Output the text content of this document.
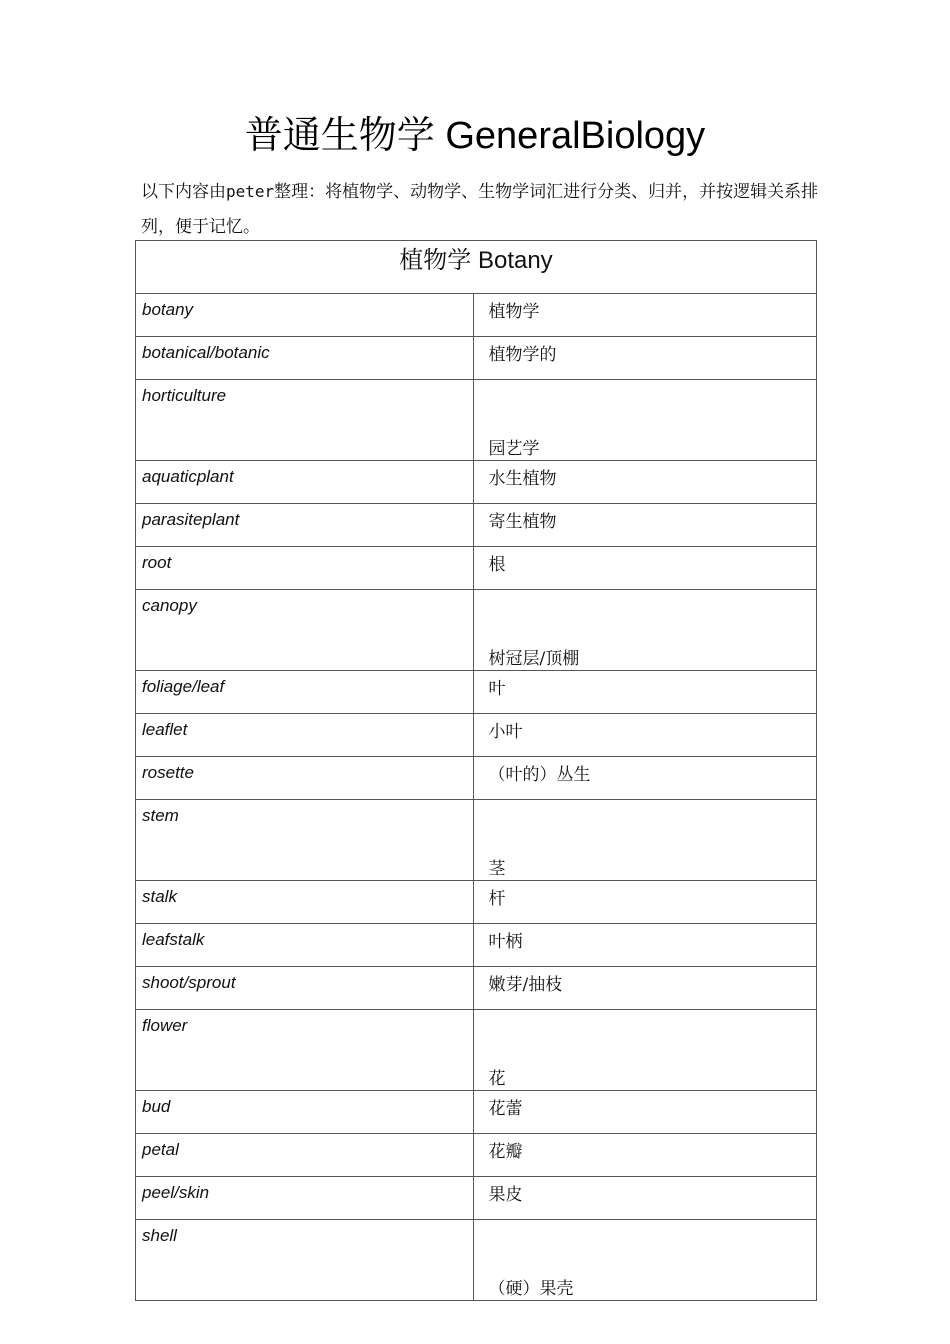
普通生物学 GeneralBiology
以下内容由peter整理：将植物学、动物学、生物学词汇进行分类、归并，并按逻辑关系排列，便于记忆。
植物学 Botany	
botany	植物学
botanical/botanic	植物学的
horticulture	园艺学

aquaticplant	水生植物
parasiteplant	寄生植物
root	根
canopy	树冠层/顶棚

foliage/leaf	叶
leaflet	小叶
rosette	（叶的）丛生
stem	茎

stalk	杆
leafstalk	叶柄
shoot/sprout	嫩芽/抽枝
flower	花

bud	花蕾
petal	花瓣
peel/skin	果皮
shell	（硬）果壳
